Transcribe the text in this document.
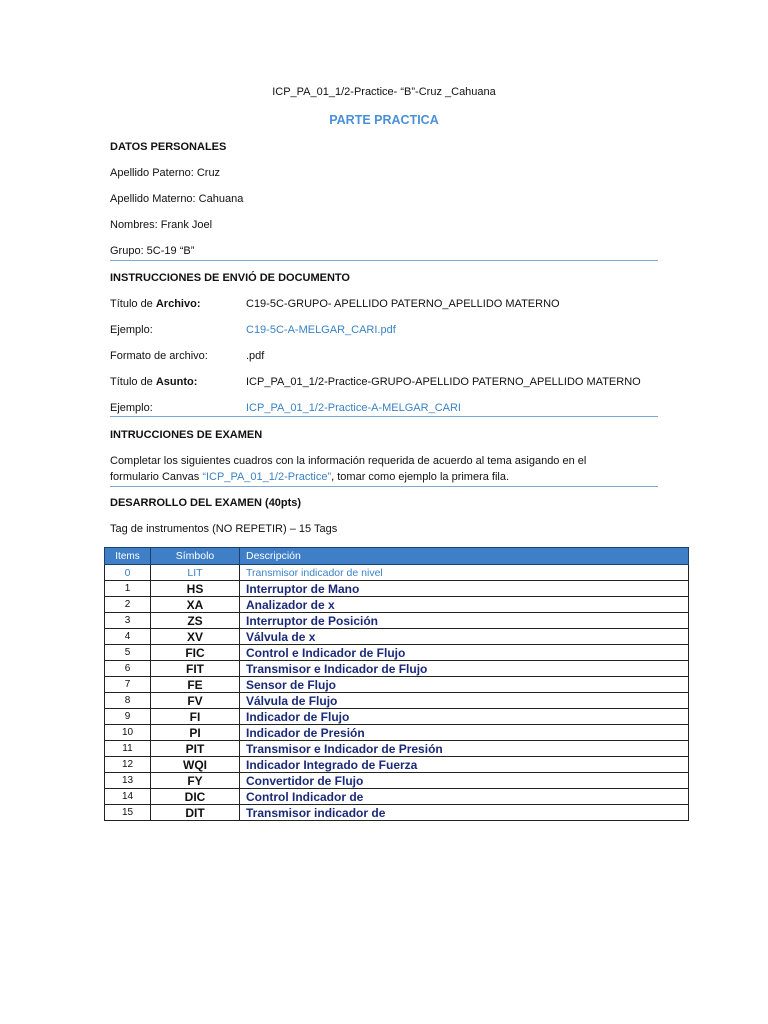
ICP_PA_01_1/2-Practice- “B”-Cruz _Cahuana
PARTE PRACTICA
DATOS PERSONALES
Apellido Paterno: Cruz
Apellido Materno: Cahuana
Nombres: Frank Joel
Grupo: 5C-19 “B”
INSTRUCCIONES DE ENVIÓ DE DOCUMENTO
Título de Archivo:	C19-5C-GRUPO- APELLIDO PATERNO_APELLIDO MATERNO
Ejemplo:	C19-5C-A-MELGAR_CARI.pdf
Formato de archivo:	.pdf
Título de Asunto:	ICP_PA_01_1/2-Practice-GRUPO-APELLIDO PATERNO_APELLIDO MATERNO
Ejemplo:	ICP_PA_01_1/2-Practice-A-MELGAR_CARI
INTRUCCIONES DE EXAMEN
Completar los siguientes cuadros con la información requerida de acuerdo al tema asigando en el
formulario Canvas “ICP_PA_01_1/2-Practice”, tomar como ejemplo la primera fila.
DESARROLLO DEL EXAMEN (40pts)
Tag de instrumentos (NO REPETIR) – 15 Tags
Items	Símbolo	Descripción
0	LIT	Transmisor indicador de nivel
1	HS	Interruptor de Mano
2	XA	Analizador de x
3	ZS	Interruptor de Posición
4	XV	Válvula de x
5	FIC	Control e Indicador de Flujo
6	FIT	Transmisor e Indicador de Flujo
7	FE	Sensor de Flujo
8	FV	Válvula de Flujo
9	FI	Indicador de Flujo
10	PI	Indicador de Presión
11	PIT	Transmisor e Indicador de Presión
12	WQI	Indicador Integrado de Fuerza
13	FY	Convertidor de Flujo
14	DIC	Control Indicador de
15	DIT	Transmisor indicador de
